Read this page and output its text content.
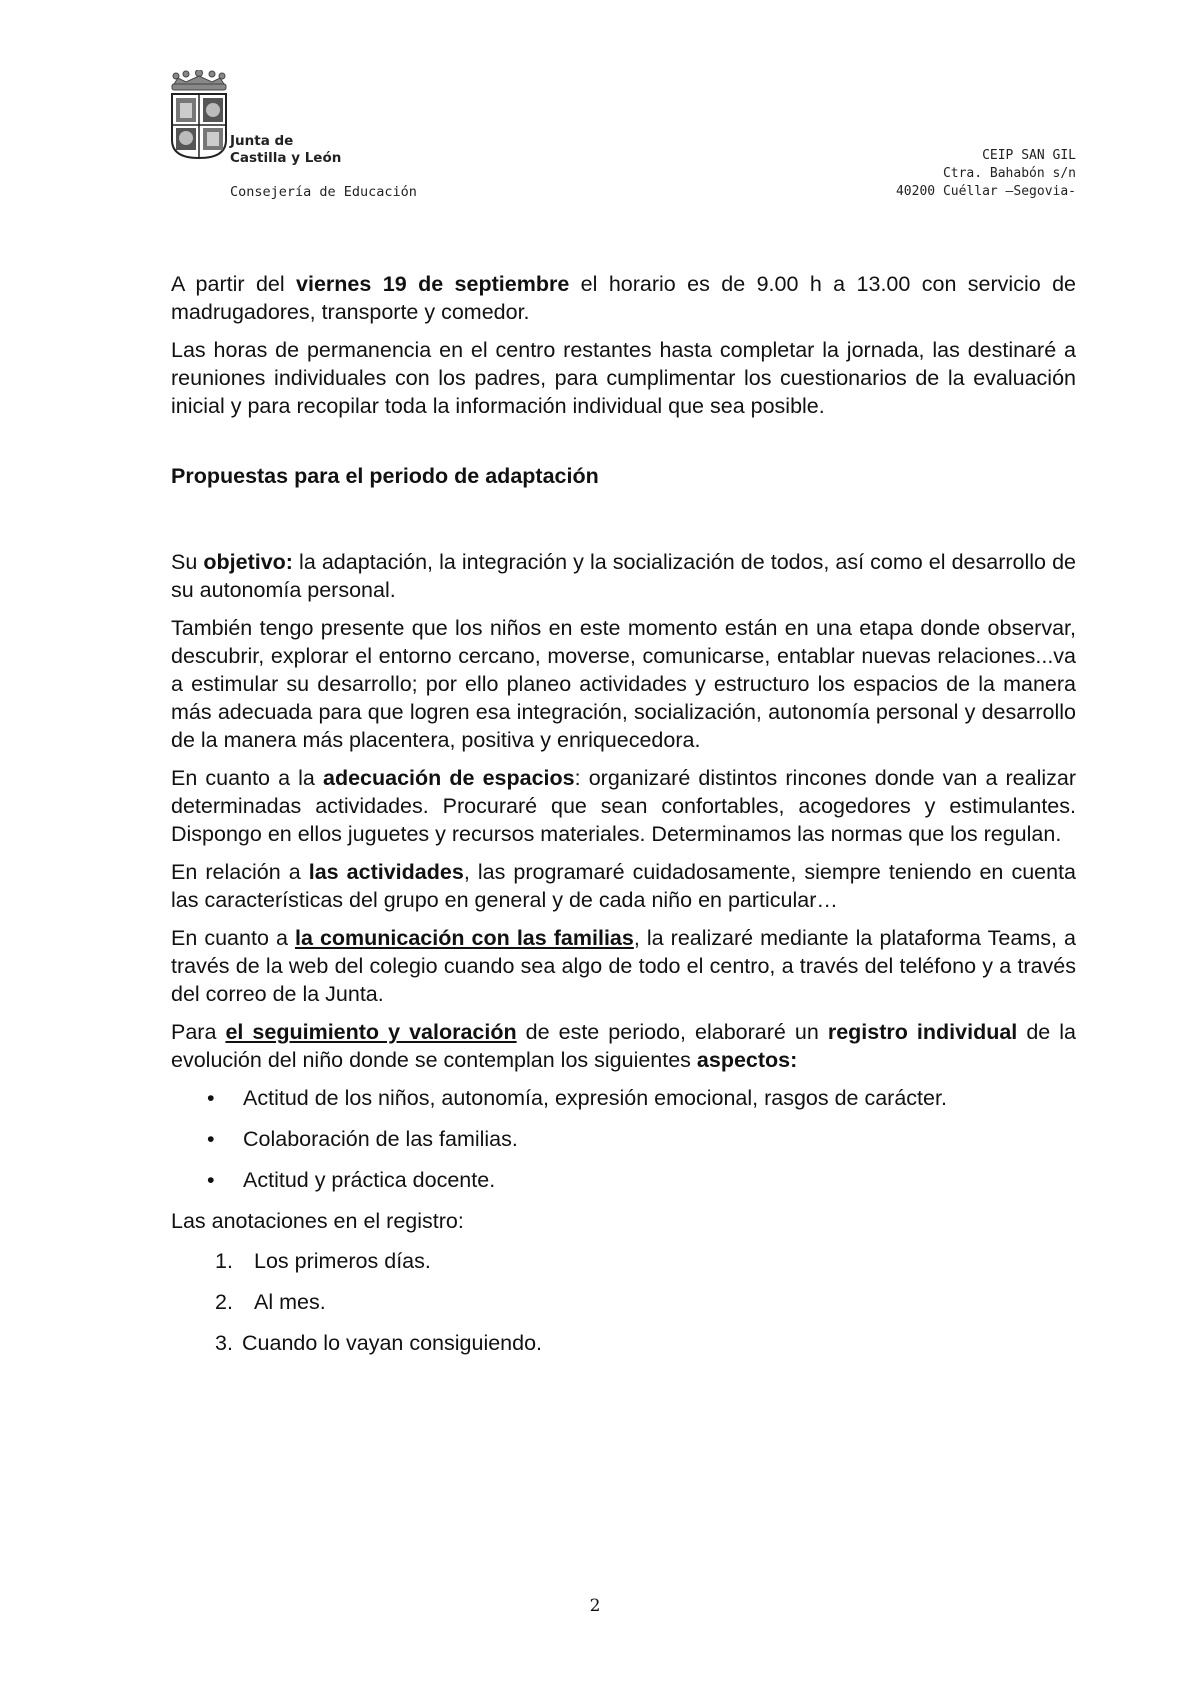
Junta de
Castilla y León
Consejería de Educación
CEIP SAN GIL
Ctra. Bahabón s/n
40200 Cuéllar –Segovia-

A partir del viernes 19 de septiembre el horario es de 9.00 h a 13.00 con servicio de madrugadores, transporte y comedor.

Las horas de permanencia en el centro restantes hasta completar la jornada, las destinaré a reuniones individuales con los padres, para cumplimentar los cuestionarios de la evaluación inicial y para recopilar toda la información individual que sea posible.

Propuestas para el periodo de adaptación

Su objetivo: la adaptación, la integración y la socialización de todos, así como el desarrollo de su autonomía personal.

También tengo presente que los niños en este momento están en una etapa donde observar, descubrir, explorar el entorno cercano, moverse, comunicarse, entablar nuevas relaciones...va a estimular su desarrollo; por ello planeo actividades y estructuro los espacios de la manera más adecuada para que logren esa integración, socialización, autonomía personal y desarrollo de la manera más placentera, positiva y enriquecedora.

En cuanto a la adecuación de espacios: organizaré distintos rincones donde van a realizar determinadas actividades. Procuraré que sean confortables, acogedores y estimulantes. Dispongo en ellos juguetes y recursos materiales. Determinamos las normas que los regulan.

En relación a las actividades, las programaré cuidadosamente, siempre teniendo en cuenta las características del grupo en general y de cada niño en particular…

En cuanto a la comunicación con las familias, la realizaré mediante la plataforma Teams, a través de la web del colegio cuando sea algo de todo el centro, a través del teléfono y a través del correo de la Junta.

Para el seguimiento y valoración de este periodo, elaboraré un registro individual de la evolución del niño donde se contemplan los siguientes aspectos:

• Actitud de los niños, autonomía, expresión emocional, rasgos de carácter.
• Colaboración de las familias.
• Actitud y práctica docente.

Las anotaciones en el registro:

1. Los primeros días.
2. Al mes.
3. Cuando lo vayan consiguiendo.
2
